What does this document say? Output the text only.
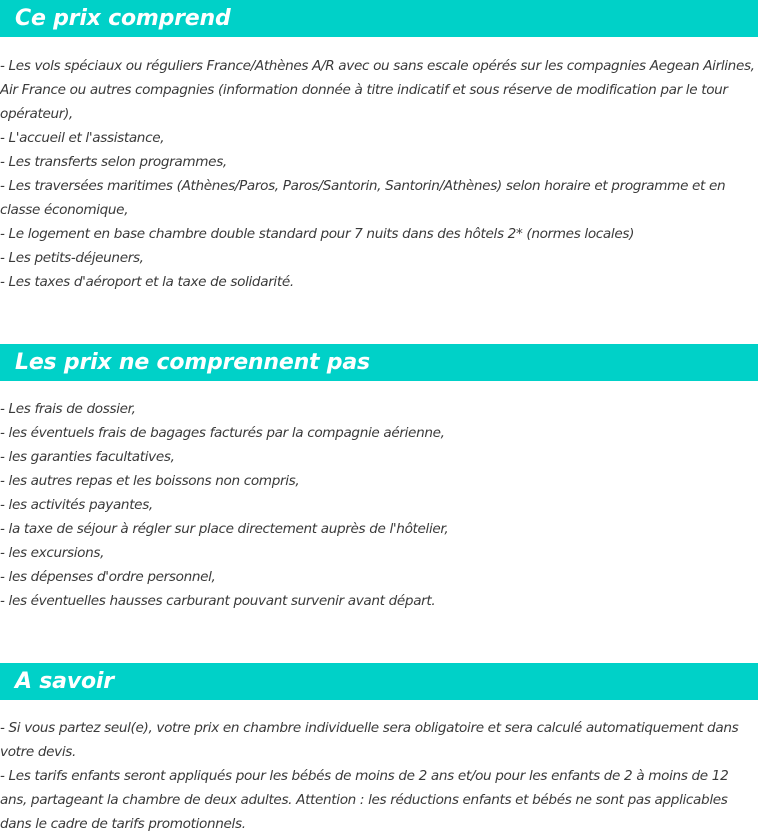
Ce prix comprend

- Les vols spéciaux ou réguliers France/Athènes A/R avec ou sans escale opérés sur les compagnies Aegean Airlines, Air France ou autres compagnies (information donnée à titre indicatif et sous réserve de modification par le tour opérateur),

- L'accueil et l'assistance,

- Les transferts selon programmes,

- Les traversées maritimes (Athènes/Paros, Paros/Santorin, Santorin/Athènes) selon horaire et programme et en classe économique,

- Le logement en base chambre double standard pour 7 nuits dans des hôtels 2* (normes locales)

- Les petits-déjeuners,

- Les taxes d'aéroport et la taxe de solidarité.

Les prix ne comprennent pas

- Les frais de dossier,

- les éventuels frais de bagages facturés par la compagnie aérienne,

- les garanties facultatives,

- les autres repas et les boissons non compris,

- les activités payantes,

- la taxe de séjour à régler sur place directement auprès de l'hôtelier,

- les excursions,

- les dépenses d'ordre personnel,

- les éventuelles hausses carburant pouvant survenir avant départ.

A savoir

- Si vous partez seul(e), votre prix en chambre individuelle sera obligatoire et sera calculé automatiquement dans votre devis.

- Les tarifs enfants seront appliqués pour les bébés de moins de 2 ans et/ou pour les enfants de 2 à moins de 12 ans, partageant la chambre de deux adultes. Attention : les réductions enfants et bébés ne sont pas applicables dans le cadre de tarifs promotionnels.
